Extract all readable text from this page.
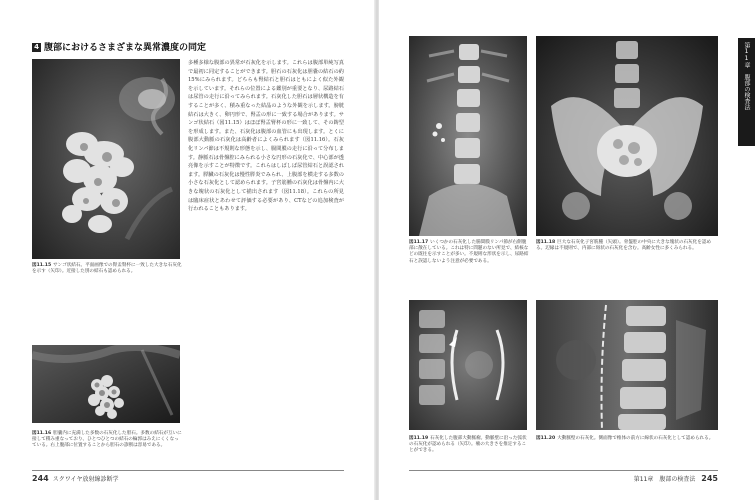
4 腹部におけるさまざまな異常濃度の同定
図11.15 サンゴ状結石。平面画像での腎盂腎杯に一致した大きな石灰化を示す（矢印）。近接した別の結石も認められる。
多種多様な腹部の異常が石灰化を示します。これらは腹部単純写真で最初に同定することができます。胆石の石灰化は胆嚢の結石の約15%にみられます。どちらも腎結石と胆石はともによく似た外観を示しています。それらの位置による鑑別が重要となり、尿路結石は尿管の走行に沿ってみられます。石灰化した胆石は層状構造を有することが多く、積み重なった結晶のような外観を示します。膀胱結石は大きく、卵円形で、腎盂の形に一致する場合があります。サンゴ状結石（図11.15）はほぼ腎盂腎杯の形に一致して、その鋳型を形成します。また、石灰化は腹部の血管にも出現します。とくに腹部大動脈の石灰化は高齢者によくみられます（図11.16）。石灰化リンパ節は不規則な形態を示し、腸間膜の走行に沿って分布します。静脈石は骨盤腔にみられる小さな円形の石灰化で、中心部が透亮像を示すことが特徴です。これらはしばしば尿管結石と誤認されます。膵臓の石灰化は慢性膵炎でみられ、上腹部を横走する多数の小さな石灰化として認められます。子宮筋腫の石灰化は骨盤内に大きな塊状の石灰化として描出されます（図11.18）。これらの所見は臨床症状とあわせて評価する必要があり、CTなどの追加検査が行われることもあります。
図11.16 胆嚢内に充満した多数の石灰化した胆石。多数の結石が互いに接して積み重なっており、ひとつひとつの結石の輪郭はみえにくくなっている。右上腹部に位置することから胆石の診断は容易である。
244 スクワイヤ放射線診断学
図11.17 いくつかの石灰化した腸間膜リンパ節が右側腹部に散在している。これは特に問題のない所見で、結核などの既往を示すことが多い。不規則な形状を示し、尿路結石と誤認しないよう注意が必要である。
図11.18 巨大な石灰化子宮筋腫（矢頭）。骨盤腔の中央に大きな塊状の石灰化を認める。辺縁は不規則で、内部に斑状の石灰化を含む。高齢女性に多くみられる。
図11.19 石灰化した腹部大動脈瘤。動脈壁に沿った弧状の石灰化が認められる（矢印）。瘤の大きさを推定することができる。
図11.20 大動脈壁の石灰化。側面像で椎体の前方に線状の石灰化として認められる。
第11章　腹部の検査法
第11章　腹部の検査法 245
